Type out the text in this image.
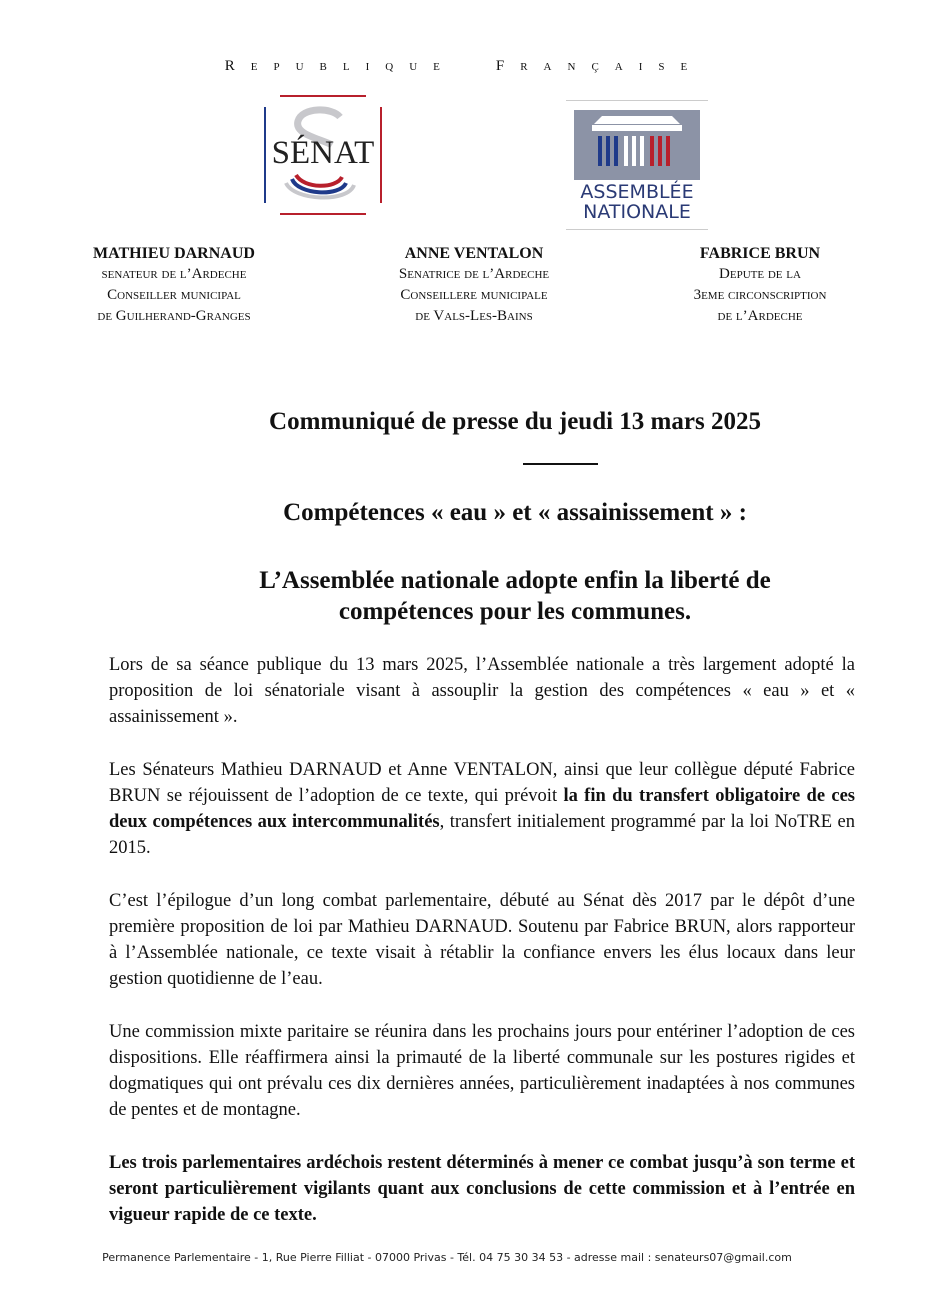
Republique	Française
SÉNAT
ASSEMBLÉE
NATIONALE
MATHIEU DARNAUD
senateur de l’Ardeche
Conseiller municipal
de Guilherand-Granges
ANNE VENTALON
Senatrice de l’Ardeche
Conseillere municipale
de Vals-Les-Bains
FABRICE BRUN
Depute de la
3eme circonscription
de l’Ardeche
Communiqué de presse du jeudi 13 mars 2025
Compétences « eau » et « assainissement » :
L’Assemblée nationale adopte enfin la liberté de
compétences pour les communes.

Lors de sa séance publique du 13 mars 2025, l’Assemblée nationale a très largement adopté la proposition de loi sénatoriale visant à assouplir la gestion des compétences « eau » et « assainissement ».

Les Sénateurs Mathieu DARNAUD et Anne VENTALON, ainsi que leur collègue député Fabrice BRUN se réjouissent de l’adoption de ce texte, qui prévoit la fin du transfert obligatoire de ces deux compétences aux intercommunalités, transfert initialement programmé par la loi NoTRE en 2015.

C’est l’épilogue d’un long combat parlementaire, débuté au Sénat dès 2017 par le dépôt d’une première proposition de loi par Mathieu DARNAUD. Soutenu par Fabrice BRUN, alors rapporteur à l’Assemblée nationale, ce texte visait à rétablir la confiance envers les élus locaux dans leur gestion quotidienne de l’eau.

Une commission mixte paritaire se réunira dans les prochains jours pour entériner l’adoption de ces dispositions. Elle réaffirmera ainsi la primauté de la liberté communale sur les postures rigides et dogmatiques qui ont prévalu ces dix dernières années, particulièrement inadaptées à nos communes de pentes et de montagne.

Les trois parlementaires ardéchois restent déterminés à mener ce combat jusqu’à son terme et seront particulièrement vigilants quant aux conclusions de cette commission et à l’entrée en vigueur rapide de ce texte.

Permanence Parlementaire - 1, Rue Pierre Filliat - 07000 Privas - Tél. 04 75 30 34 53 - adresse mail : senateurs07@gmail.com
